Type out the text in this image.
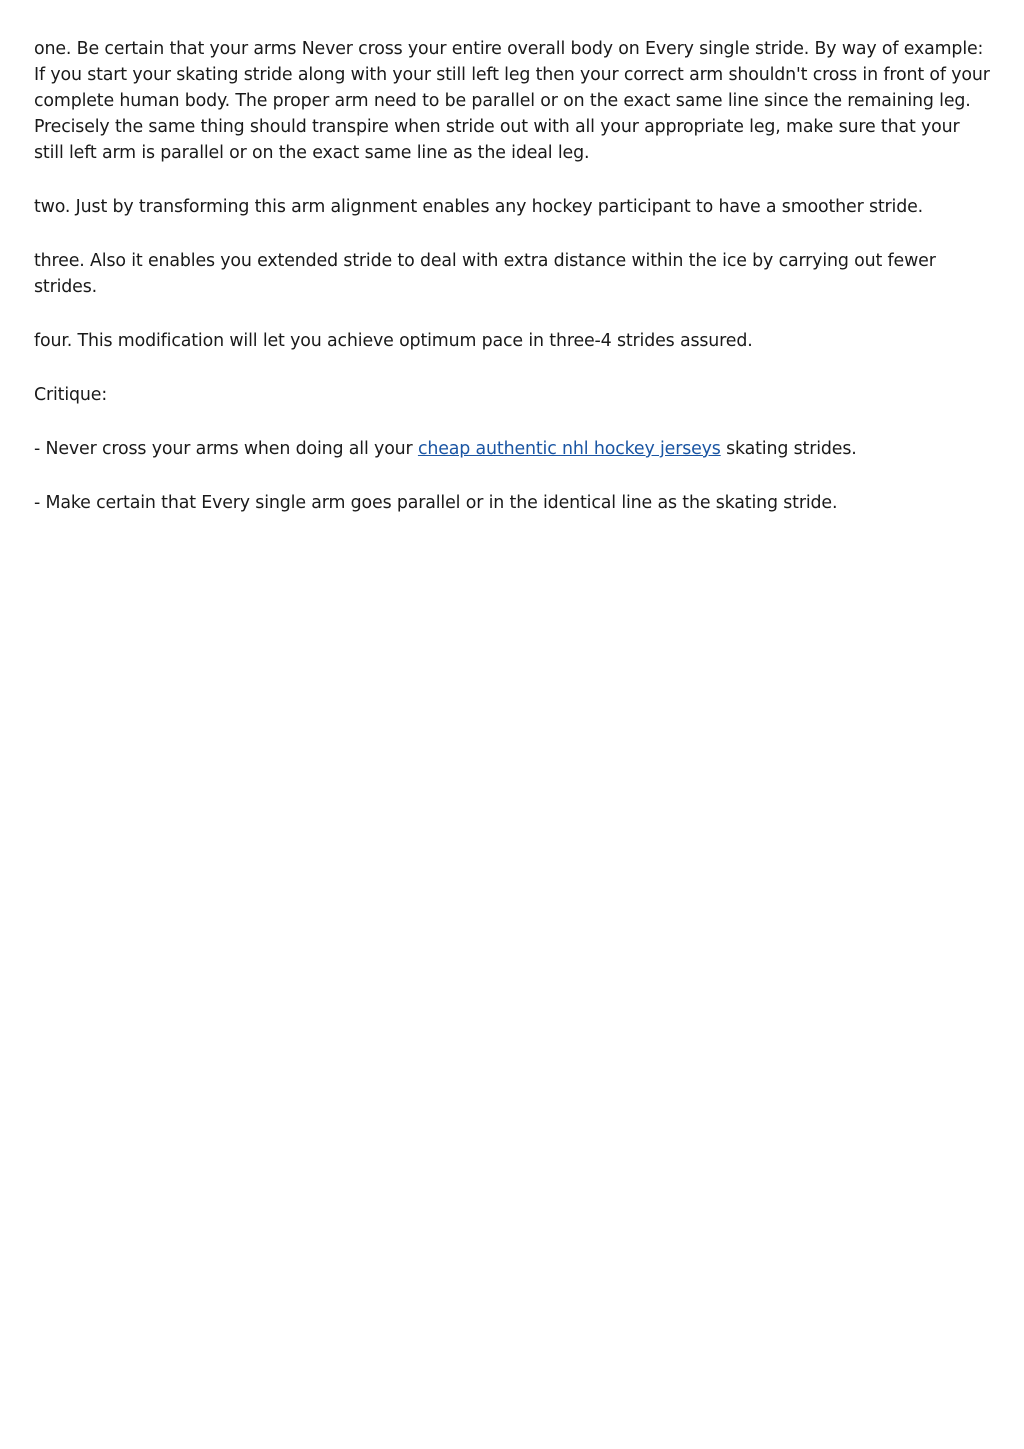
one. Be certain that your arms Never cross your entire overall body on Every single stride. By way of example: If you start your skating stride along with your still left leg then your correct arm shouldn't cross in front of your complete human body. The proper arm need to be parallel or on the exact same line since the remaining leg. Precisely the same thing should transpire when stride out with all your appropriate leg, make sure that your still left arm is parallel or on the exact same line as the ideal leg.

two. Just by transforming this arm alignment enables any hockey participant to have a smoother stride.

three. Also it enables you extended stride to deal with extra distance within the ice by carrying out fewer strides.

four. This modification will let you achieve optimum pace in three-4 strides assured.

Critique:

- Never cross your arms when doing all your cheap authentic nhl hockey jerseys skating strides.

- Make certain that Every single arm goes parallel or in the identical line as the skating stride.
